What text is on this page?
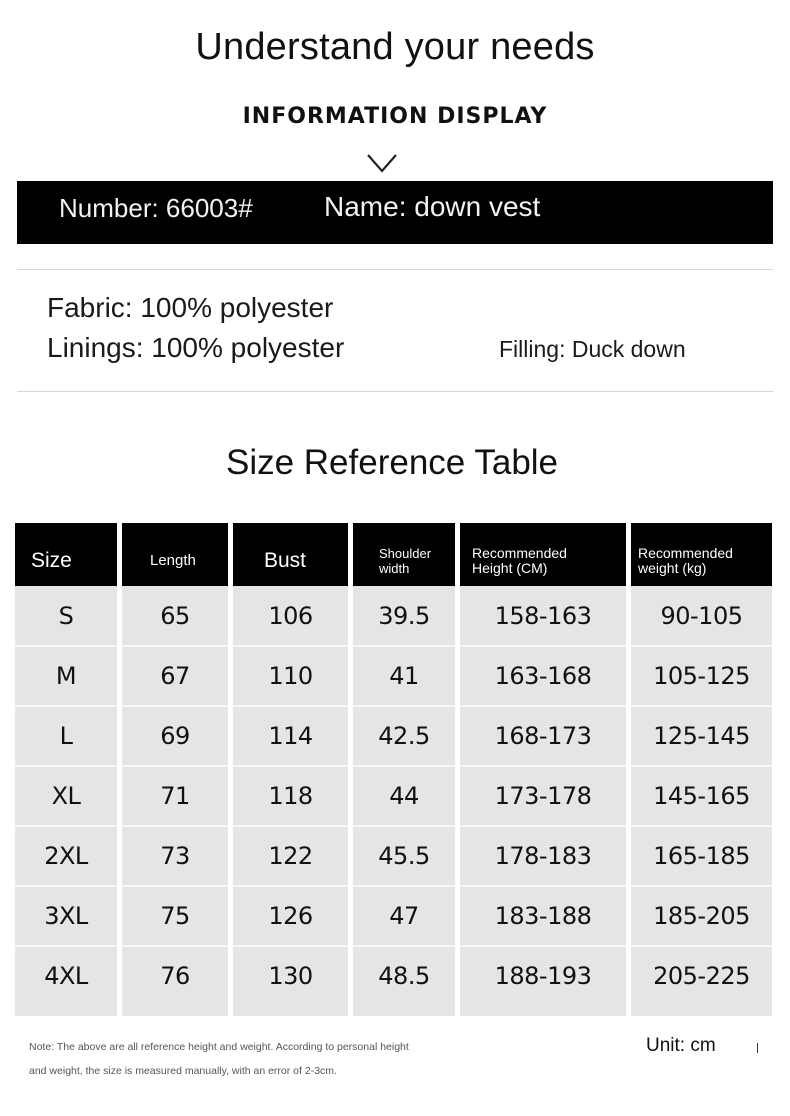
Understand your needs
INFORMATION DISPLAY
Number: 66003#	Name: down vest
Fabric: 100% polyester
Linings: 100% polyester	Filling: Duck down
Size Reference Table
Size
S
M
L
XL
2XL
3XL
4XL
Length
65
67
69
71
73
75
76
Bust
106
110
114
118
122
126
130
Shoulder
width
39.5
41
42.5
44
45.5
47
48.5
Recommended
Height (CM)
158-163
163-168
168-173
173-178
178-183
183-188
188-193
Recommended
weight (kg)
90-105
105-125
125-145
145-165
165-185
185-205
205-225
Note: The above are all reference height and weight. According to personal height
and weight, the size is measured manually, with an error of 2-3cm.
Unit: cm
